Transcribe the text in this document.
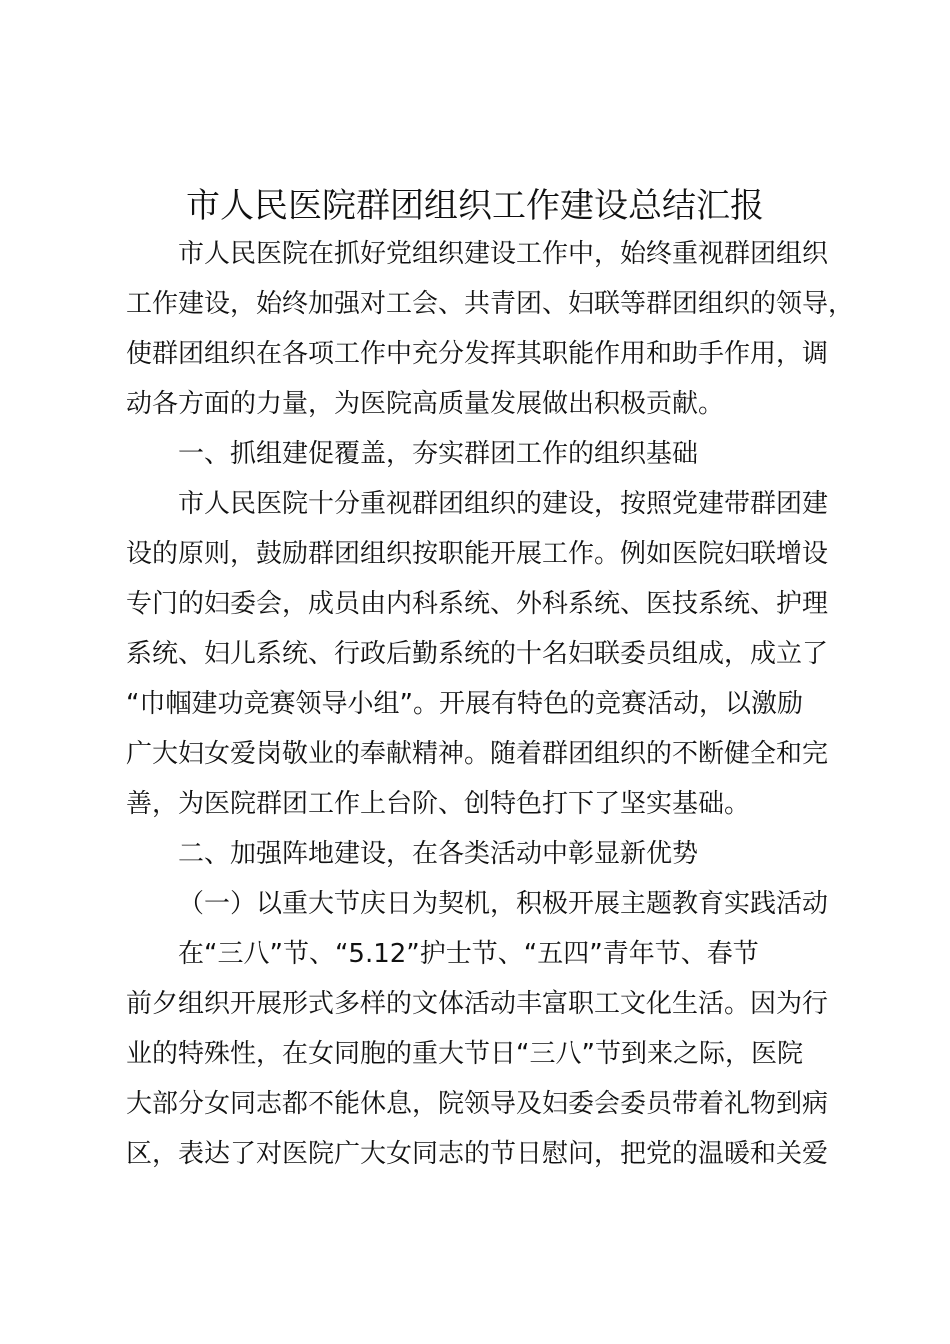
市人民医院群团组织工作建设总结汇报
市人民医院在抓好党组织建设工作中，始终重视群团组织
工作建设，始终加强对工会、共青团、妇联等群团组织的领导，
使群团组织在各项工作中充分发挥其职能作用和助手作用，调
动各方面的力量，为医院高质量发展做出积极贡献。
一、抓组建促覆盖，夯实群团工作的组织基础
市人民医院十分重视群团组织的建设，按照党建带群团建
设的原则，鼓励群团组织按职能开展工作。例如医院妇联增设
专门的妇委会，成员由内科系统、外科系统、医技系统、护理
系统、妇儿系统、行政后勤系统的十名妇联委员组成，成立了
“巾帼建功竞赛领导小组”。开展有特色的竞赛活动，以激励
广大妇女爱岗敬业的奉献精神。随着群团组织的不断健全和完
善，为医院群团工作上台阶、创特色打下了坚实基础。
二、加强阵地建设，在各类活动中彰显新优势
（一）以重大节庆日为契机，积极开展主题教育实践活动
在“三八”节、“5.12”护士节、“五四”青年节、春节
前夕组织开展形式多样的文体活动丰富职工文化生活。因为行
业的特殊性，在女同胞的重大节日“三八”节到来之际，医院
大部分女同志都不能休息，院领导及妇委会委员带着礼物到病
区，表达了对医院广大女同志的节日慰问，把党的温暖和关爱
